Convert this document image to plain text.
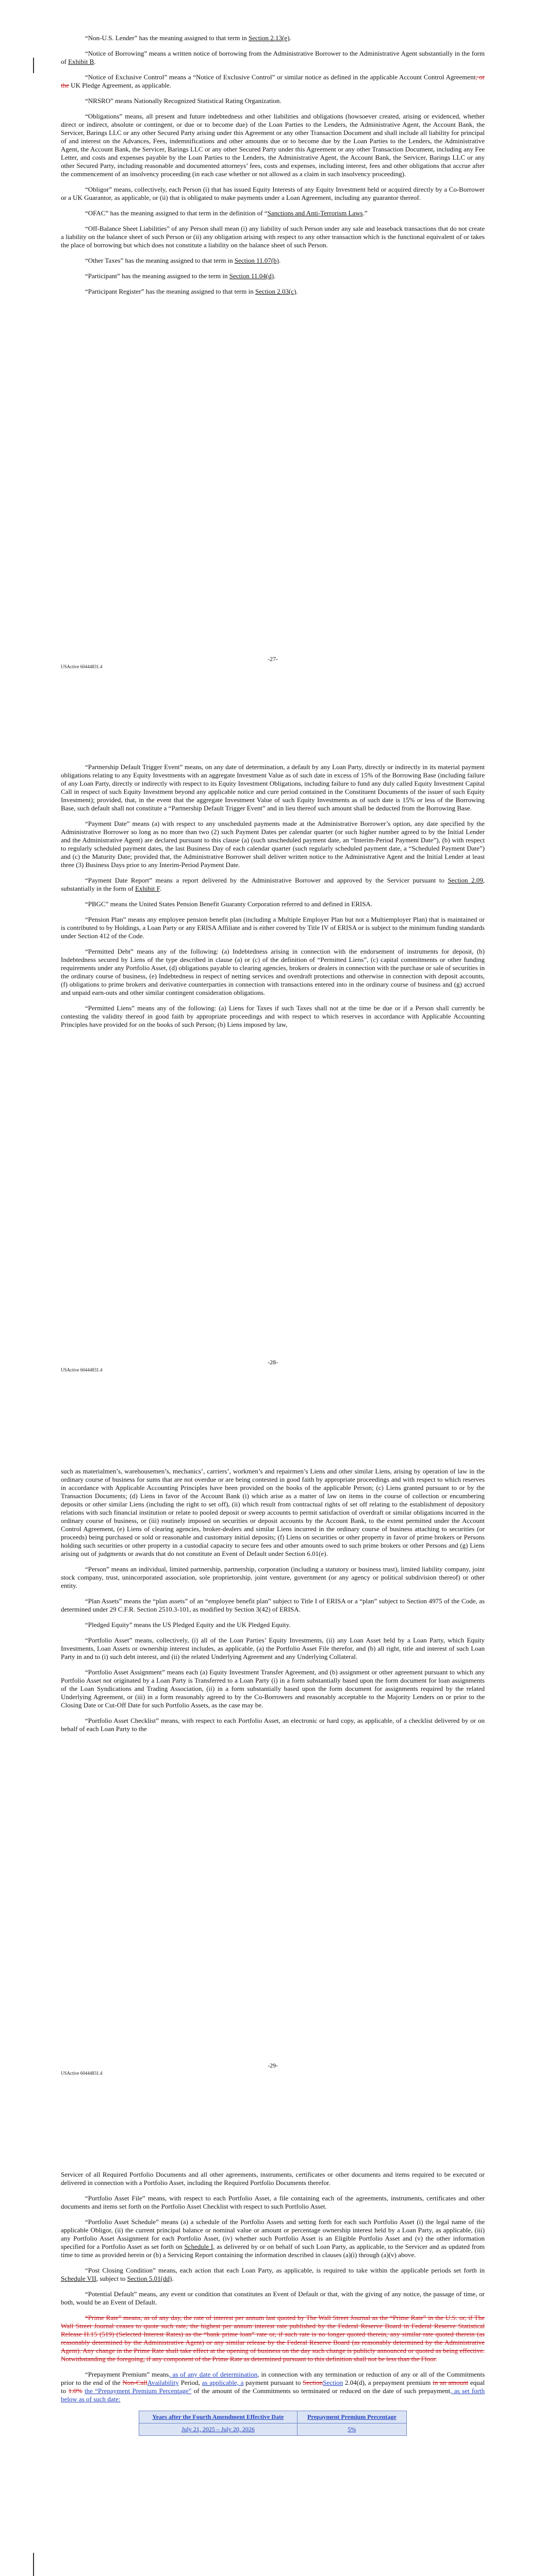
“Non-U.S. Lender” has the meaning assigned to that term in Section 2.13(e).

“Notice of Borrowing” means a written notice of borrowing from the Administrative Borrower to the Administrative Agent substantially in the form of Exhibit B.

“Notice of Exclusive Control” means a “Notice of Exclusive Control” or similar notice as defined in the applicable Account Control Agreement, or the UK Pledge Agreement, as applicable.

“NRSRO” means Nationally Recognized Statistical Rating Organization.

“Obligations” means, all present and future indebtedness and other liabilities and obligations (howsoever created, arising or evidenced, whether direct or indirect, absolute or contingent, or due or to become due) of the Loan Parties to the Lenders, the Administrative Agent, the Account Bank, the Servicer, Barings LLC or any other Secured Party arising under this Agreement or any other Transaction Document and shall include all liability for principal of and interest on the Advances, Fees, indemnifications and other amounts due or to become due by the Loan Parties to the Lenders, the Administrative Agent, the Account Bank, the Servicer, Barings LLC or any other Secured Party under this Agreement or any other Transaction Document, including any Fee Letter, and costs and expenses payable by the Loan Parties to the Lenders, the Administrative Agent, the Account Bank, the Servicer, Barings LLC or any other Secured Party, including reasonable and documented attorneys’ fees, costs and expenses, including interest, fees and other obligations that accrue after the commencement of an insolvency proceeding (in each case whether or not allowed as a claim in such insolvency proceeding).

“Obligor” means, collectively, each Person (i) that has issued Equity Interests of any Equity Investment held or acquired directly by a Co-Borrower or a UK Guarantor, as applicable, or (ii) that is obligated to make payments under a Loan Agreement, including any guarantor thereof.

“OFAC” has the meaning assigned to that term in the definition of “Sanctions and Anti-Terrorism Laws.”

“Off-Balance Sheet Liabilities” of any Person shall mean (i) any liability of such Person under any sale and leaseback transactions that do not create a liability on the balance sheet of such Person or (ii) any obligation arising with respect to any other transaction which is the functional equivalent of or takes the place of borrowing but which does not constitute a liability on the balance sheet of such Person.

“Other Taxes” has the meaning assigned to that term in Section 11.07(b).

“Participant” has the meaning assigned to the term in Section 11.04(d).

“Participant Register” has the meaning assigned to that term in Section 2.03(c).

-27-
USActive 60444831.4

“Partnership Default Trigger Event” means, on any date of determination, a default by any Loan Party, directly or indirectly in its material payment obligations relating to any Equity Investments with an aggregate Investment Value as of such date in excess of 15% of the Borrowing Base (including failure of any Loan Party, directly or indirectly with respect to its Equity Investment Obligations, including failure to fund any duly called Equity Investment Capital Call in respect of such Equity Investment beyond any applicable notice and cure period contained in the Constituent Documents of the issuer of such Equity Investment); provided, that, in the event that the aggregate Investment Value of such Equity Investments as of such date is 15% or less of the Borrowing Base, such default shall not constitute a “Partnership Default Trigger Event” and in lieu thereof such amount shall be deducted from the Borrowing Base.

“Payment Date” means (a) with respect to any unscheduled payments made at the Administrative Borrower’s option, any date specified by the Administrative Borrower so long as no more than two (2) such Payment Dates per calendar quarter (or such higher number agreed to by the Initial Lender and the Administrative Agent) are declared pursuant to this clause (a) (such unscheduled payment date, an “Interim-Period Payment Date”), (b) with respect to regularly scheduled payment dates, the last Business Day of each calendar quarter (such regularly scheduled payment date, a “Scheduled Payment Date”) and (c) the Maturity Date; provided that, the Administrative Borrower shall deliver written notice to the Administrative Agent and the Initial Lender at least three (3) Business Days prior to any Interim-Period Payment Date.

“Payment Date Report” means a report delivered by the Administrative Borrower and approved by the Servicer pursuant to Section 2.09, substantially in the form of Exhibit F.

“PBGC” means the United States Pension Benefit Guaranty Corporation referred to and defined in ERISA.

“Pension Plan” means any employee pension benefit plan (including a Multiple Employer Plan but not a Multiemployer Plan) that is maintained or is contributed to by Holdings, a Loan Party or any ERISA Affiliate and is either covered by Title IV of ERISA or is subject to the minimum funding standards under Section 412 of the Code.

“Permitted Debt” means any of the following: (a) Indebtedness arising in connection with the endorsement of instruments for deposit, (b) Indebtedness secured by Liens of the type described in clause (a) or (c) of the definition of “Permitted Liens”, (c) capital commitments or other funding requirements under any Portfolio Asset, (d) obligations payable to clearing agencies, brokers or dealers in connection with the purchase or sale of securities in the ordinary course of business, (e) Indebtedness in respect of netting services and overdraft protections and otherwise in connection with deposit accounts, (f) obligations to prime brokers and derivative counterparties in connection with transactions entered into in the ordinary course of business and (g) accrued and unpaid earn-outs and other similar contingent consideration obligations.

“Permitted Liens” means any of the following: (a) Liens for Taxes if such Taxes shall not at the time be due or if a Person shall currently be contesting the validity thereof in good faith by appropriate proceedings and with respect to which reserves in accordance with Applicable Accounting Principles have provided for on the books of such Person; (b) Liens imposed by law,

-28-
USActive 60444831.4

such as materialmen’s, warehousemen’s, mechanics’, carriers’, workmen’s and repairmen’s Liens and other similar Liens, arising by operation of law in the ordinary course of business for sums that are not overdue or are being contested in good faith by appropriate proceedings and with respect to which reserves in accordance with Applicable Accounting Principles have been provided on the books of the applicable Person; (c) Liens granted pursuant to or by the Transaction Documents; (d) Liens in favor of the Account Bank (i) which arise as a matter of law on items in the course of collection or encumbering deposits or other similar Liens (including the right to set off), (ii) which result from contractual rights of set off relating to the establishment of depository relations with such financial institution or relate to pooled deposit or sweep accounts to permit satisfaction of overdraft or similar obligations incurred in the ordinary course of business, or (iii) routinely imposed on securities or deposit accounts by the Account Bank, to the extent permitted under the Account Control Agreement, (e) Liens of clearing agencies, broker-dealers and similar Liens incurred in the ordinary course of business attaching to securities (or proceeds) being purchased or sold or reasonable and customary initial deposits; (f) Liens on securities or other property in favor of prime brokers or Persons holding such securities or other property in a custodial capacity to secure fees and other amounts owed to such prime brokers or other Persons and (g) Liens arising out of judgments or awards that do not constitute an Event of Default under Section 6.01(e).

“Person” means an individual, limited partnership, partnership, corporation (including a statutory or business trust), limited liability company, joint stock company, trust, unincorporated association, sole proprietorship, joint venture, government (or any agency or political subdivision thereof) or other entity.

“Plan Assets” means the “plan assets” of an “employee benefit plan” subject to Title I of ERISA or a “plan” subject to Section 4975 of the Code, as determined under 29 C.F.R. Section 2510.3-101, as modified by Section 3(42) of ERISA.

“Pledged Equity” means the US Pledged Equity and the UK Pledged Equity.

“Portfolio Asset” means, collectively, (i) all of the Loan Parties’ Equity Investments, (ii) any Loan Asset held by a Loan Party, which Equity Investments, Loan Assets or ownership interest includes, as applicable, (a) the Portfolio Asset File therefor, and (b) all right, title and interest of such Loan Party in and to (i) such debt interest, and (ii) the related Underlying Agreement and any Underlying Collateral.

“Portfolio Asset Assignment” means each (a) Equity Investment Transfer Agreement, and (b) assignment or other agreement pursuant to which any Portfolio Asset not originated by a Loan Party is Transferred to a Loan Party (i) in a form substantially based upon the form document for loan assignments of the Loan Syndications and Trading Association, (ii) in a form substantially based upon the form document for assignments required by the related Underlying Agreement, or (iii) in a form reasonably agreed to by the Co-Borrowers and reasonably acceptable to the Majority Lenders on or prior to the Closing Date or Cut-Off Date for such Portfolio Assets, as the case may be.

“Portfolio Asset Checklist” means, with respect to each Portfolio Asset, an electronic or hard copy, as applicable, of a checklist delivered by or on behalf of each Loan Party to the

-29-
USActive 60444831.4

Servicer of all Required Portfolio Documents and all other agreements, instruments, certificates or other documents and items required to be executed or delivered in connection with a Portfolio Asset, including the Required Portfolio Documents therefor.

“Portfolio Asset File” means, with respect to each Portfolio Asset, a file containing each of the agreements, instruments, certificates and other documents and items set forth on the Portfolio Asset Checklist with respect to such Portfolio Asset.

“Portfolio Asset Schedule” means (a) a schedule of the Portfolio Assets and setting forth for each such Portfolio Asset (i) the legal name of the applicable Obligor, (ii) the current principal balance or nominal value or amount or percentage ownership interest held by a Loan Party, as applicable, (iii) any Portfolio Asset Assignment for each Portfolio Asset, (iv) whether such Portfolio Asset is an Eligible Portfolio Asset and (v) the other information specified for a Portfolio Asset as set forth on Schedule I, as delivered by or on behalf of such Loan Party, as applicable, to the Servicer and as updated from time to time as provided herein or (b) a Servicing Report containing the information described in clauses (a)(i) through (a)(v) above.

“Post Closing Condition” means, each action that each Loan Party, as applicable, is required to take within the applicable periods set forth in Schedule VII, subject to Section 5.01(dd).

“Potential Default” means, any event or condition that constitutes an Event of Default or that, with the giving of any notice, the passage of time, or both, would be an Event of Default.

“Prime Rate” means, as of any day, the rate of interest per annum last quoted by The Wall Street Journal as the “Prime Rate” in the U.S. or, if The Wall Street Journal ceases to quote such rate, the highest per annum interest rate published by the Federal Reserve Board in Federal Reserve Statistical Release H.15 (519) (Selected Interest Rates) as the “bank prime loan” rate or, if such rate is no longer quoted therein, any similar rate quoted therein (as reasonably determined by the Administrative Agent) or any similar release by the Federal Reserve Board (as reasonably determined by the Administrative Agent). Any change in the Prime Rate shall take effect at the opening of business on the day such change is publicly announced or quoted as being effective. Notwithstanding the foregoing, if any component of the Prime Rate as determined pursuant to this definition shall not be less than the Floor.

“Prepayment Premium” means, as of any date of determination, in connection with any termination or reduction of any or all of the Commitments prior to the end of the Non-CallAvailability Period, as applicable, a payment pursuant to SectionSection 2.04(d), a prepayment premium in an amount equal to 1.0% the “Prepayment Premium Percentage” of the amount of the Commitments so terminated or reduced on the date of such prepayment, as set forth below as of such date:

Years after the Fourth Amendment Effective Date	Prepayment Premium Percentage
July 21, 2025 – July 20, 2026	5%
